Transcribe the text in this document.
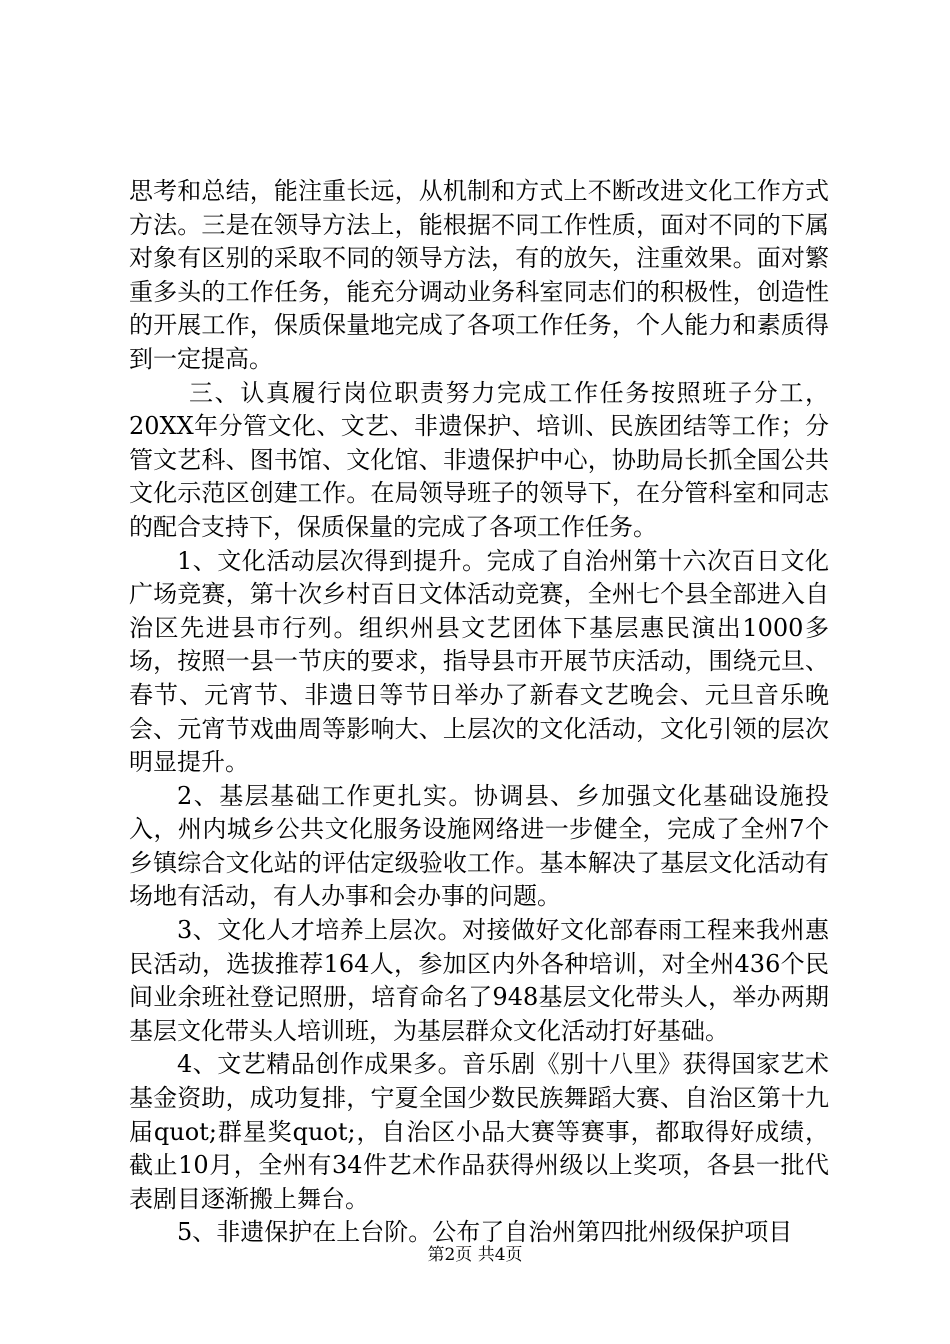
思考和总结，能注重长远，从机制和方式上不断改进文化工作方式方法。三是在领导方法上，能根据不同工作性质，面对不同的下属对象有区别的采取不同的领导方法，有的放矢，注重效果。面对繁重多头的工作任务，能充分调动业务科室同志们的积极性，创造性的开展工作，保质保量地完成了各项工作任务，个人能力和素质得到一定提高。

三、认真履行岗位职责努力完成工作任务按照班子分工，20XX年分管文化、文艺、非遗保护、培训、民族团结等工作；分管文艺科、图书馆、文化馆、非遗保护中心，协助局长抓全国公共文化示范区创建工作。在局领导班子的领导下，在分管科室和同志的配合支持下，保质保量的完成了各项工作任务。

1、文化活动层次得到提升。完成了自治州第十六次百日文化广场竞赛，第十次乡村百日文体活动竞赛，全州七个县全部进入自治区先进县市行列。组织州县文艺团体下基层惠民演出1000多场，按照一县一节庆的要求，指导县市开展节庆活动，围绕元旦、春节、元宵节、非遗日等节日举办了新春文艺晚会、元旦音乐晚会、元宵节戏曲周等影响大、上层次的文化活动，文化引领的层次明显提升。

2、基层基础工作更扎实。协调县、乡加强文化基础设施投入，州内城乡公共文化服务设施网络进一步健全，完成了全州7个乡镇综合文化站的评估定级验收工作。基本解决了基层文化活动有场地有活动，有人办事和会办事的问题。

3、文化人才培养上层次。对接做好文化部春雨工程来我州惠民活动，选拔推荐164人，参加区内外各种培训，对全州436个民间业余班社登记照册，培育命名了948基层文化带头人，举办两期基层文化带头人培训班，为基层群众文化活动打好基础。

4、文艺精品创作成果多。音乐剧《别十八里》获得国家艺术基金资助，成功复排，宁夏全国少数民族舞蹈大赛、自治区第十九届quot;群星奖quot;，自治区小品大赛等赛事，都取得好成绩，截止10月，全州有34件艺术作品获得州级以上奖项，各县一批代表剧目逐渐搬上舞台。

5、非遗保护在上台阶。公布了自治州第四批州级保护项目

第2页 共4页
